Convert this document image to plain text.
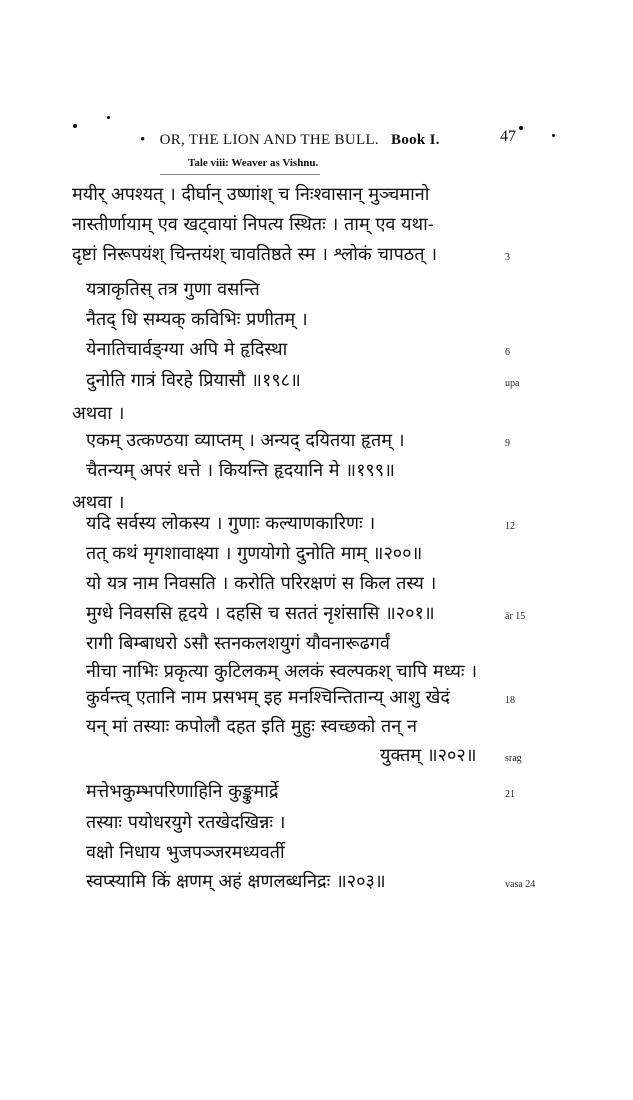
• OR, THE LION AND THE BULL. Book I.	47
Tale viii: Weaver as Vishnu.
मयीर् अपश्यत् । दीर्घान् उष्णांश् च निःश्वासान् मुञ्चमानो
नास्तीर्णायाम् एव खट्वायां निपत्य स्थितः । ताम् एव यथा-
दृष्टां निरूपयंश् चिन्तयंश् चावतिष्ठते स्म । श्लोकं चापठत् ।
यत्राकृतिस् तत्र गुणा वसन्ति
नैतद् धि सम्यक् कविभिः प्रणीतम् ।
येनातिचार्वङ्ग्या अपि मे हृदिस्था
दुनोति गात्रं विरहे प्रियासौ ॥१९८॥
अथवा ।
एकम् उत्कण्ठया व्याप्तम् । अन्यद् दयितया हृतम् ।
चैतन्यम् अपरं धत्ते । कियन्ति हृदयानि मे ॥१९९॥
अथवा ।
यदि सर्वस्य लोकस्य । गुणाः कल्याणकारिणः ।
तत् कथं मृगशावाक्ष्या । गुणयोगो दुनोति माम् ॥२००॥
यो यत्र नाम निवसति । करोति परिरक्षणं स किल तस्य ।
मुग्धे निवससि हृदये । दहसि च सततं नृशंसासि ॥२०१॥
रागी बिम्बाधरो ऽसौ स्तनकलशयुगं यौवनारूढगर्वं
नीचा नाभिः प्रकृत्या कुटिलकम् अलकं स्वल्पकश् चापि मध्यः ।
कुर्वन्त्व् एतानि नाम प्रसभम् इह मनश्चिन्तितान्य् आशु खेदं
यन् मां तस्याः कपोलौ दहत इति मुहुः स्वच्छको तन् न
युक्तम् ॥२०२॥
मत्तेभकुम्भपरिणाहिनि कुङ्कुमार्द्रे
तस्याः पयोधरयुगे रतखेदखिन्नः ।
वक्षो निधाय भुजपञ्जरमध्यवर्ती
स्वप्स्यामि किं क्षणम् अहं क्षणलब्धनिद्रः ॥२०३॥
3
6
upa
9
12
ār 15
18
srag
21
vasa 24
